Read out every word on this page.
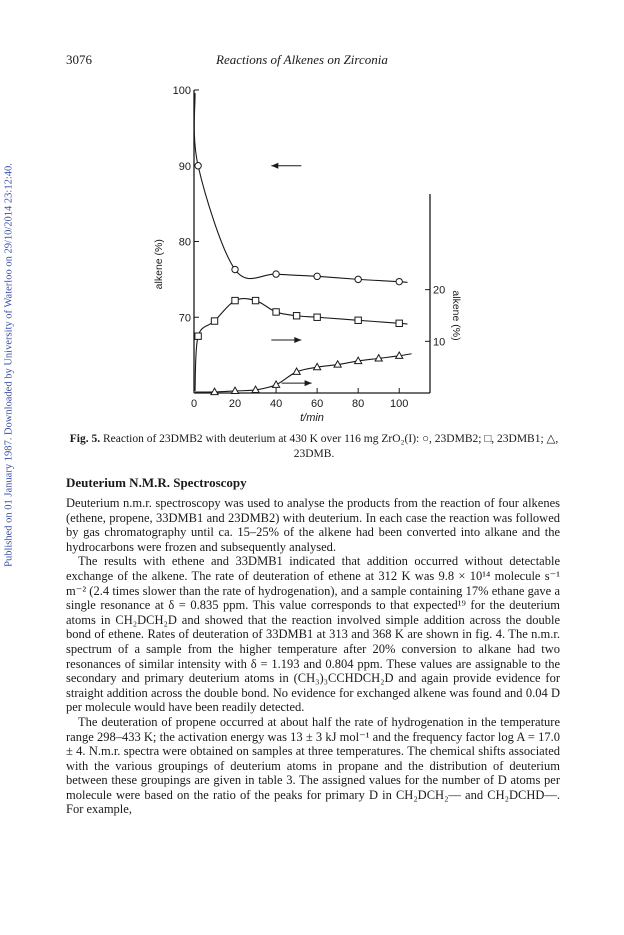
Published on 01 January 1987. Downloaded by University of Waterloo on 29/10/2014 23:12:40.
3076	Reactions of Alkenes on Zirconia
0	20	40	60	80 100
t/min
100
90
80
70
alkene (%)
20
10
alkene (%)
Fig. 5. Reaction of 23DMB2 with deuterium at 430 K over 116 mg ZrO₂(I): ○, 23DMB2; □, 23DMB1; △, 23DMB.
Deuterium N.M.R. Spectroscopy

Deuterium n.m.r. spectroscopy was used to analyse the products from the reaction of four alkenes (ethene, propene, 33DMB1 and 23DMB2) with deuterium. In each case the reaction was followed by gas chromatography until ca. 15–25% of the alkene had been converted into alkane and the hydrocarbons were frozen and subsequently analysed.

The results with ethene and 33DMB1 indicated that addition occurred without detectable exchange of the alkene. The rate of deuteration of ethene at 312 K was 9.8 × 10¹⁴ molecule s⁻¹ m⁻² (2.4 times slower than the rate of hydrogenation), and a sample containing 17% ethane gave a single resonance at δ = 0.835 ppm. This value corresponds to that expected¹⁹ for the deuterium atoms in CH₂DCH₂D and showed that the reaction involved simple addition across the double bond of ethene. Rates of deuteration of 33DMB1 at 313 and 368 K are shown in fig. 4. The n.m.r. spectrum of a sample from the higher temperature after 20% conversion to alkane had two resonances of similar intensity with δ = 1.193 and 0.804 ppm. These values are assignable to the secondary and primary deuterium atoms in (CH₃)₃CCHDCH₂D and again provide evidence for straight addition across the double bond. No evidence for exchanged alkene was found and 0.04 D per molecule would have been readily detected.

The deuteration of propene occurred at about half the rate of hydrogenation in the temperature range 298–433 K; the activation energy was 13 ± 3 kJ mol⁻¹ and the frequency factor log A = 17.0 ± 4. N.m.r. spectra were obtained on samples at three temperatures. The chemical shifts associated with the various groupings of deuterium atoms in propane and the distribution of deuterium between these groupings are given in table 3. The assigned values for the number of D atoms per molecule were based on the ratio of the peaks for primary D in CH₂DCH₂— and CH₂DCHD—. For example,
